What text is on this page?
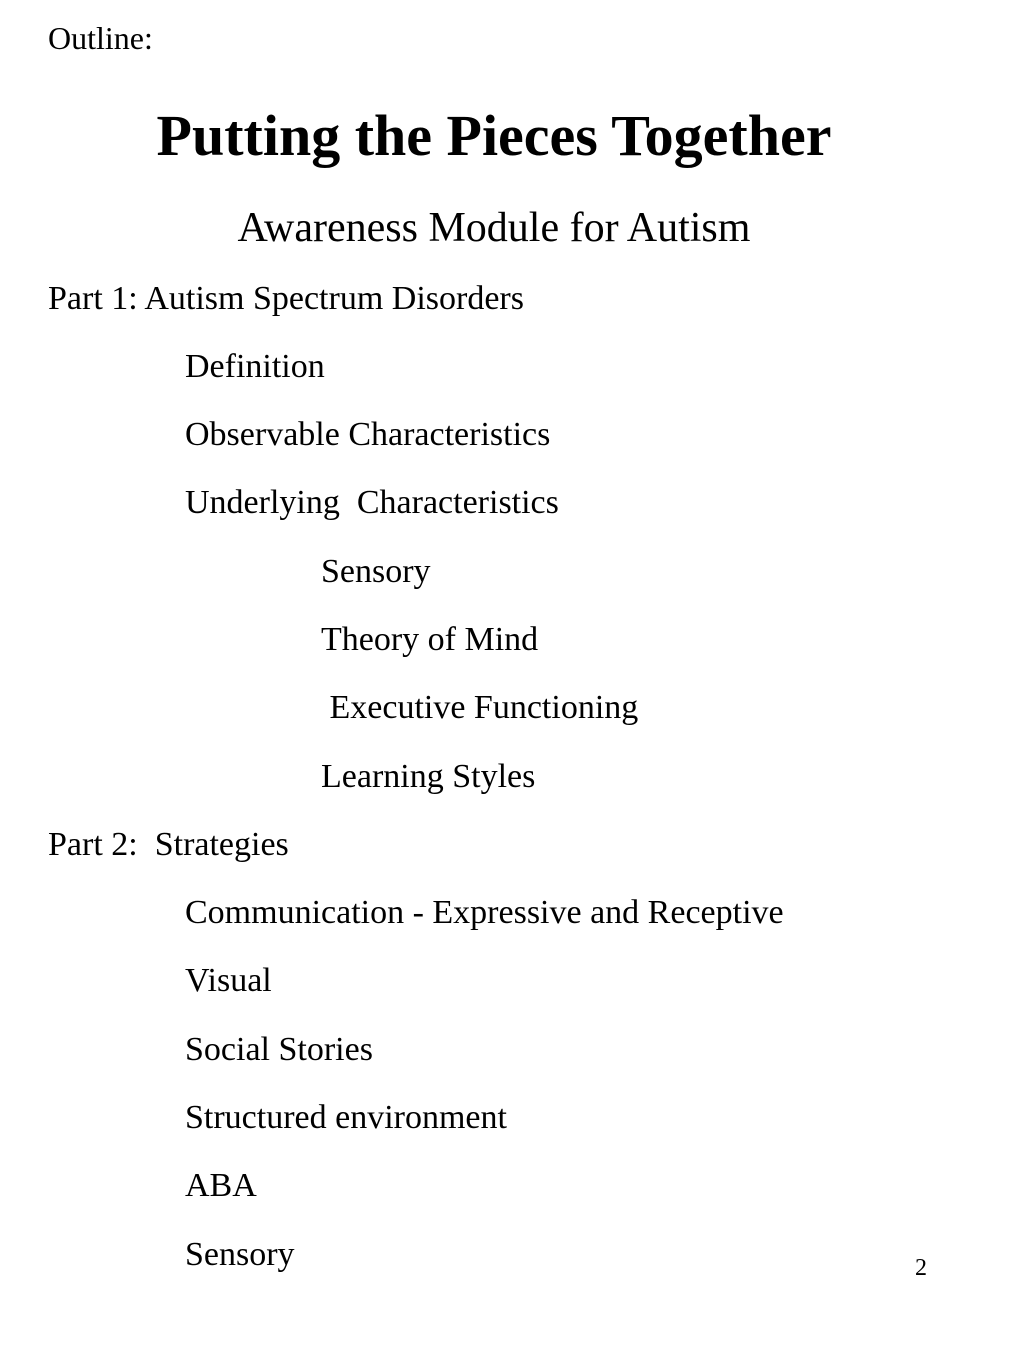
Outline:
Putting the Pieces Together
Awareness Module for Autism
Part 1: Autism Spectrum Disorders
Definition
Observable Characteristics
Underlying  Characteristics
Sensory
Theory of Mind
Executive Functioning
Learning Styles
Part 2:  Strategies
Communication - Expressive and Receptive
Visual
Social Stories
Structured environment
ABA
Sensory	2
